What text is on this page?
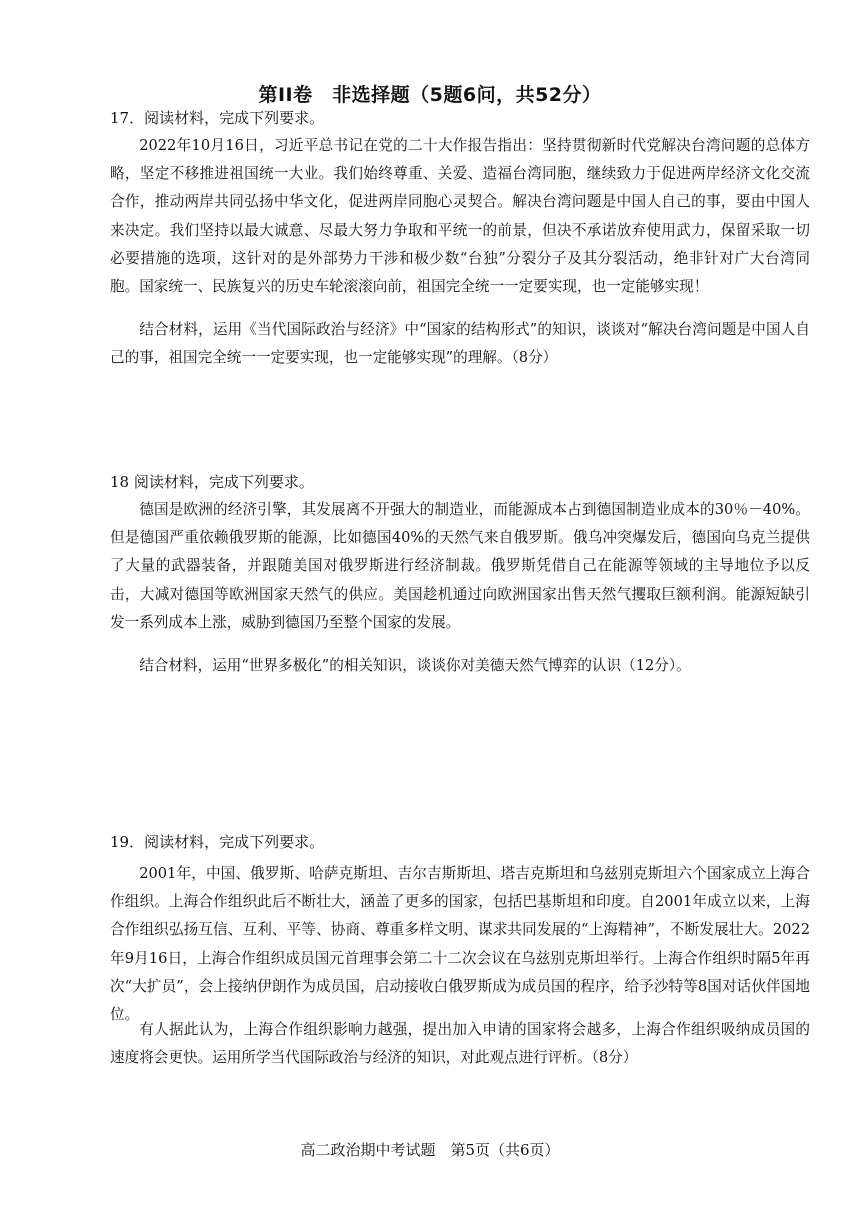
第II卷　非选择题（5题6问，共52分）
17．阅读材料，完成下列要求。

2022年10月16日，习近平总书记在党的二十大作报告指出：坚持贯彻新时代党解决台湾问题的总体方略，坚定不移推进祖国统一大业。我们始终尊重、关爱、造福台湾同胞，继续致力于促进两岸经济文化交流合作，推动两岸共同弘扬中华文化，促进两岸同胞心灵契合。解决台湾问题是中国人自己的事，要由中国人来决定。我们坚持以最大诚意、尽最大努力争取和平统一的前景，但决不承诺放弃使用武力，保留采取一切必要措施的选项，这针对的是外部势力干涉和极少数“台独”分裂分子及其分裂活动，绝非针对广大台湾同胞。国家统一、民族复兴的历史车轮滚滚向前，祖国完全统一一定要实现，也一定能够实现！

结合材料，运用《当代国际政治与经济》中“国家的结构形式”的知识，谈谈对“解决台湾问题是中国人自己的事，祖国完全统一一定要实现，也一定能够实现”的理解。（8分）

18 阅读材料，完成下列要求。

德国是欧洲的经济引擎，其发展离不开强大的制造业，而能源成本占到德国制造业成本的30％－40%。但是德国严重依赖俄罗斯的能源，比如德国40%的天然气来自俄罗斯。俄乌冲突爆发后，德国向乌克兰提供了大量的武器装备，并跟随美国对俄罗斯进行经济制裁。俄罗斯凭借自己在能源等领域的主导地位予以反击，大减对德国等欧洲国家天然气的供应。美国趁机通过向欧洲国家出售天然气攫取巨额利润。能源短缺引发一系列成本上涨，威胁到德国乃至整个国家的发展。

结合材料，运用“世界多极化”的相关知识，谈谈你对美德天然气博弈的认识（12分）。

19．阅读材料，完成下列要求。

2001年，中国、俄罗斯、哈萨克斯坦、吉尔吉斯斯坦、塔吉克斯坦和乌兹别克斯坦六个国家成立上海合作组织。上海合作组织此后不断壮大，涵盖了更多的国家，包括巴基斯坦和印度。自2001年成立以来，上海合作组织弘扬互信、互利、平等、协商、尊重多样文明、谋求共同发展的“上海精神”，不断发展壮大。2022年9月16日，上海合作组织成员国元首理事会第二十二次会议在乌兹别克斯坦举行。上海合作组织时隔5年再次“大扩员”，会上接纳伊朗作为成员国，启动接收白俄罗斯成为成员国的程序，给予沙特等8国对话伙伴国地位。

有人据此认为，上海合作组织影响力越强，提出加入申请的国家将会越多，上海合作组织吸纳成员国的速度将会更快。运用所学当代国际政治与经济的知识，对此观点进行评析。（8分）

高二政治期中考试题　第5页（共6页）
